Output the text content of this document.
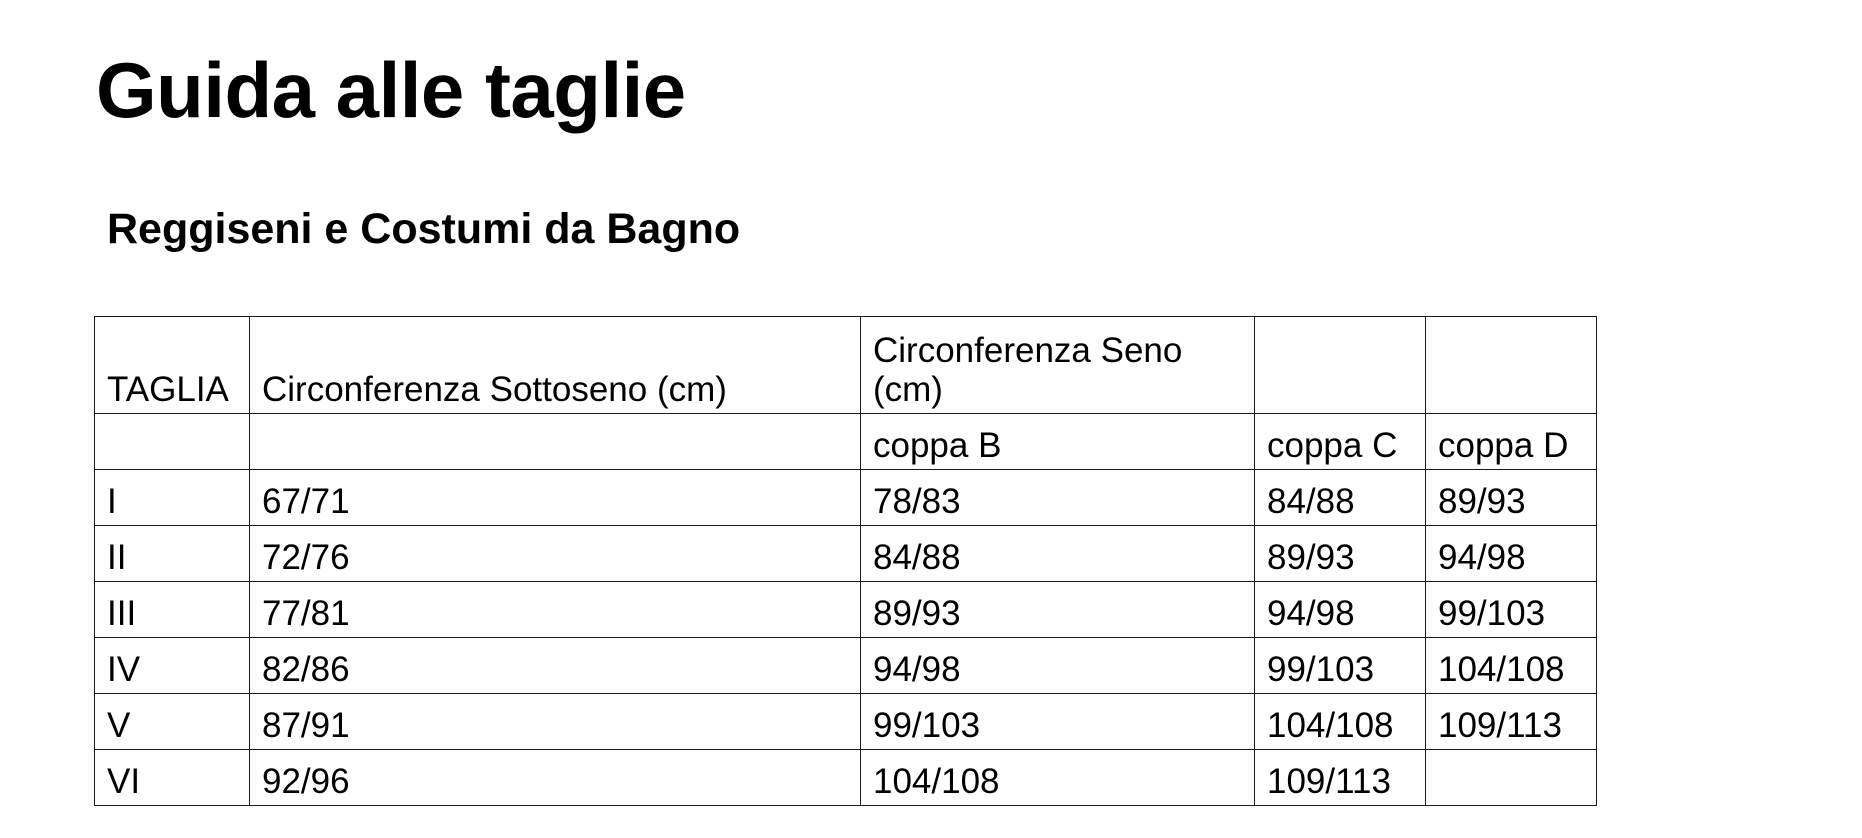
Guida alle taglie
Reggiseni e Costumi da Bagno
TAGLIA	Circonferenza Sottoseno (cm)	Circonferenza Seno (cm)		
		coppa B	coppa C	coppa D
I	67/71	78/83	84/88	89/93
II	72/76	84/88	89/93	94/98
III	77/81	89/93	94/98	99/103
IV	82/86	94/98	99/103	104/108
V	87/91	99/103	104/108	109/113
VI	92/96	104/108	109/113	
